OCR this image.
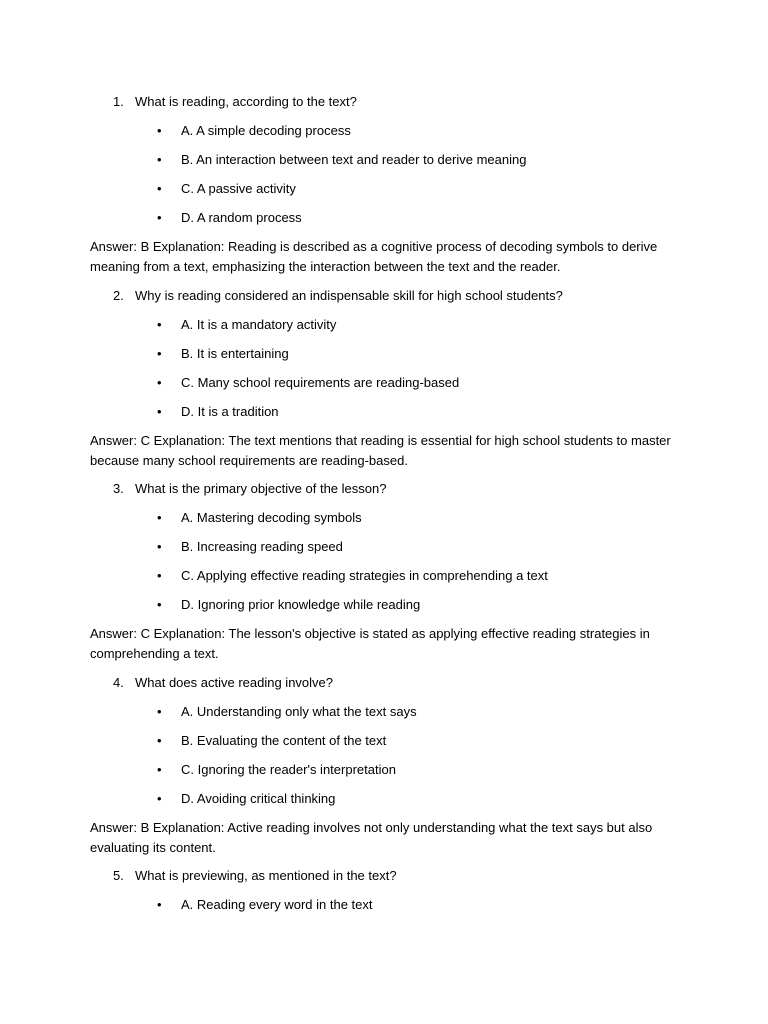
1. What is reading, according to the text?
• A. A simple decoding process
• B. An interaction between text and reader to derive meaning
• C. A passive activity
• D. A random process
Answer: B Explanation: Reading is described as a cognitive process of decoding symbols to derive meaning from a text, emphasizing the interaction between the text and the reader.
2. Why is reading considered an indispensable skill for high school students?
• A. It is a mandatory activity
• B. It is entertaining
• C. Many school requirements are reading-based
• D. It is a tradition
Answer: C Explanation: The text mentions that reading is essential for high school students to master because many school requirements are reading-based.
3. What is the primary objective of the lesson?
• A. Mastering decoding symbols
• B. Increasing reading speed
• C. Applying effective reading strategies in comprehending a text
• D. Ignoring prior knowledge while reading
Answer: C Explanation: The lesson's objective is stated as applying effective reading strategies in comprehending a text.
4. What does active reading involve?
• A. Understanding only what the text says
• B. Evaluating the content of the text
• C. Ignoring the reader's interpretation
• D. Avoiding critical thinking
Answer: B Explanation: Active reading involves not only understanding what the text says but also evaluating its content.
5. What is previewing, as mentioned in the text?
• A. Reading every word in the text
